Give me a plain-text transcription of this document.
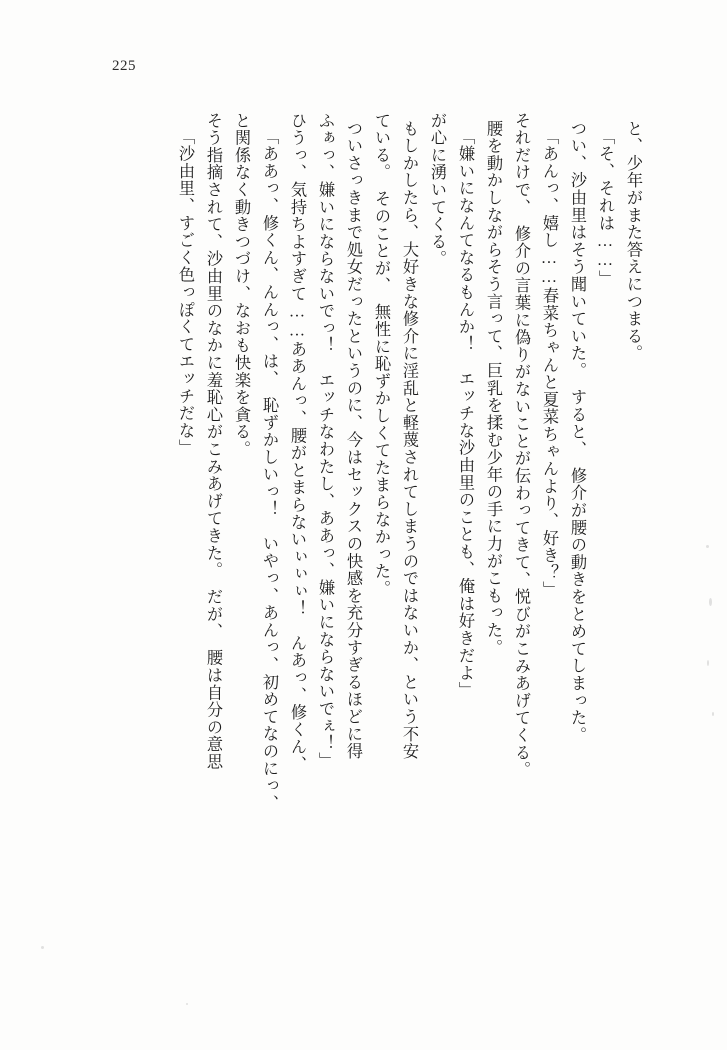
225
「沙由里、すごく色っぽくてエッチだな」 そう指摘されて、沙由里のなかに羞恥心がこみあげてきた。　だが、　腰は自分の意思 と関係なく動きつづけ、なおも快楽を貪る。 「ああっ、修くん、んんっ、は、　恥ずかしいっ！　いやっ、あんっ、初めてなのにっ、 ひうっ、気持ちよすぎて……ああんっ、腰がとまらないぃぃぃ！　んあっ、修くん、 ふぁっ、嫌いにならないでっ！　エッチなわたし、ああっ、嫌いにならないでぇ！」 ついさっきまで処女だったというのに、今はセックスの快感を充分すぎるほどに得 ている。　そのことが、　無性に恥ずかしくてたまらなかった。 もしかしたら、大好きな修介に淫乱と軽蔑されてしまうのではないか、という不安 が心に湧いてくる。 「嫌いになんてなるもんか！　エッチな沙由里のことも、俺は好きだよ」 腰を動かしながらそう言って、巨乳を揉む少年の手に力がこもった。 それだけで、　修介の言葉に偽りがないことが伝わってきて、悦びがこみあげてくる。 「あんっ、嬉し……春菜ちゃんと夏菜ちゃんより、好き？」 つい、沙由里はそう聞いていた。　すると、　修介が腰の動きをとめてしまった。 「そ、それは……」 と、少年がまた答えにつまる。
